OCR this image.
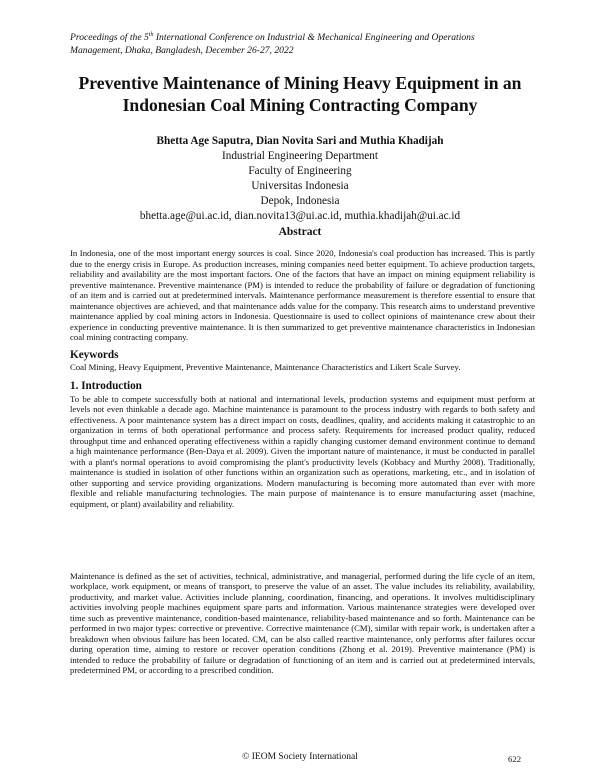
Proceedings of the 5th International Conference on Industrial & Mechanical Engineering and Operations
Management, Dhaka, Bangladesh, December 26-27, 2022
Preventive Maintenance of Mining Heavy Equipment in an
Indonesian Coal Mining Contracting Company
Bhetta Age Saputra, Dian Novita Sari and Muthia Khadijah
Industrial Engineering Department
Faculty of Engineering
Universitas Indonesia
Depok, Indonesia
bhetta.age@ui.ac.id, dian.novita13@ui.ac.id, muthia.khadijah@ui.ac.id
Abstract
In Indonesia, one of the most important energy sources is coal. Since 2020, Indonesia's coal production has increased. This is partly due to the energy crisis in Europe. As production increases, mining companies need better equipment. To achieve production targets, reliability and availability are the most important factors. One of the factors that have an impact on mining equipment reliability is preventive maintenance. Preventive maintenance (PM) is intended to reduce the probability of failure or degradation of functioning of an item and is carried out at predetermined intervals. Maintenance performance measurement is therefore essential to ensure that maintenance objectives are achieved, and that maintenance adds value for the company. This research aims to understand preventive maintenance applied by coal mining actors in Indonesia. Questionnaire is used to collect opinions of maintenance crew about their experience in conducting preventive maintenance. It is then summarized to get preventive maintenance characteristics in Indonesian coal mining contracting company.
Keywords
Coal Mining, Heavy Equipment, Preventive Maintenance, Maintenance Characteristics and Likert Scale Survey.
1. Introduction
To be able to compete successfully both at national and international levels, production systems and equipment must perform at levels not even thinkable a decade ago. Machine maintenance is paramount to the process industry with regards to both safety and effectiveness. A poor maintenance system has a direct impact on costs, deadlines, quality, and accidents making it catastrophic to an organization in terms of both operational performance and process safety. Requirements for increased product quality, reduced throughput time and enhanced operating effectiveness within a rapidly changing customer demand environment continue to demand a high maintenance performance (Ben-Daya et al. 2009). Given the important nature of maintenance, it must be conducted in parallel with a plant's normal operations to avoid compromising the plant's productivity levels (Kobbacy and Murthy 2008). Traditionally, maintenance is studied in isolation of other functions within an organization such as operations, marketing, etc., and in isolation of other supporting and service providing organizations. Modern manufacturing is becoming more automated than ever with more flexible and reliable manufacturing technologies. The main purpose of maintenance is to ensure manufacturing asset (machine, equipment, or plant) availability and reliability.
Maintenance is defined as the set of activities, technical, administrative, and managerial, performed during the life cycle of an item, workplace, work equipment, or means of transport, to preserve the value of an asset. The value includes its reliability, availability, productivity, and market value. Activities include planning, coordination, financing, and operations. It involves multidisciplinary activities involving people machines equipment spare parts and information. Various maintenance strategies were developed over time such as preventive maintenance, condition-based maintenance, reliability-based maintenance and so forth. Maintenance can be performed in two major types: corrective or preventive. Corrective maintenance (CM), similar with repair work, is undertaken after a breakdown when obvious failure has been located. CM, can be also called reactive maintenance, only performs after failures occur during operation time, aiming to restore or recover operation conditions (Zhong et al. 2019). Preventive maintenance (PM) is intended to reduce the probability of failure or degradation of functioning of an item and is carried out at predetermined intervals, predetermined PM, or according to a prescribed condition.
© IEOM Society International	622
